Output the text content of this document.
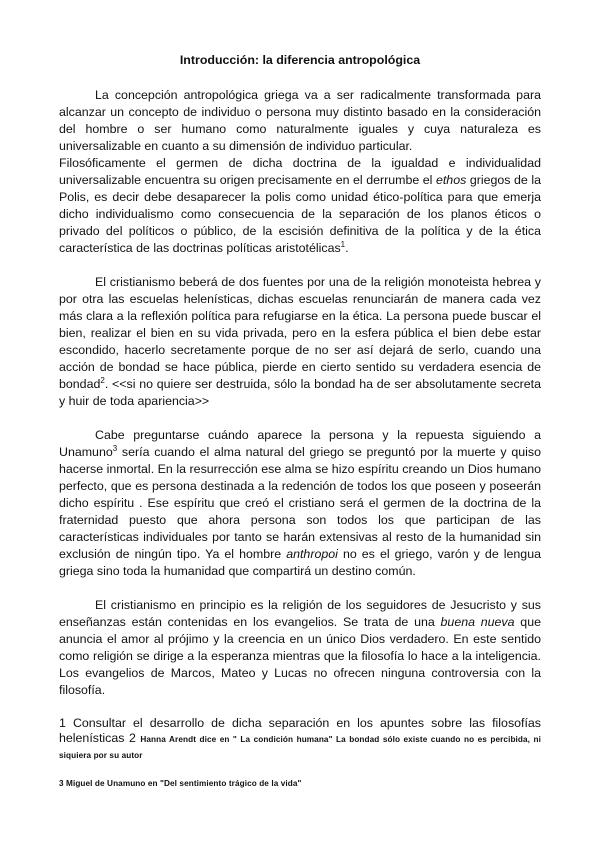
Introducción: la diferencia antropológica

La concepción antropológica griega va a ser radicalmente transformada para alcanzar un concepto de individuo o persona muy distinto basado en la consideración del hombre o ser humano como naturalmente iguales y cuya naturaleza es universalizable en cuanto a su dimensión de individuo particular.

Filosóficamente el germen de dicha doctrina de la igualdad e individualidad universalizable encuentra su origen precisamente en el derrumbe el ethos griegos de la Polis, es decir debe desaparecer la polis como unidad ético-política para que emerja dicho individualismo como consecuencia de la separación de los planos éticos o privado del políticos o público, de la escisión definitiva de la política y de la ética característica de las doctrinas políticas aristotélicas$^1$.

El cristianismo beberá de dos fuentes por una de la religión monoteista hebrea y por otra las escuelas helenísticas, dichas escuelas renunciarán de manera cada vez más clara a la reflexión política para refugiarse en la ética. La persona puede buscar el bien, realizar el bien en su vida privada, pero en la esfera pública el bien debe estar escondido, hacerlo secretamente porque de no ser así dejará de serlo, cuando una acción de bondad se hace pública, pierde en cierto sentido su verdadera esencia de bondad$^2$. <<si no quiere ser destruida, sólo la bondad ha de ser absolutamente secreta y huir de toda apariencia>>

Cabe preguntarse cuándo aparece la persona y la repuesta siguiendo a Unamuno$^3$ sería cuando el alma natural del griego se preguntó por la muerte y quiso hacerse inmortal. En la resurrección ese alma se hizo espíritu creando un Dios humano perfecto, que es persona destinada a la redención de todos los que poseen y poseerán dicho espíritu . Ese espíritu que creó el cristiano será el germen de la doctrina de la fraternidad puesto que ahora persona son todos los que participan de las características individuales por tanto se harán extensivas al resto de la humanidad sin exclusión de ningún tipo. Ya el hombre anthropoi no es el griego, varón y de lengua griega sino toda la humanidad que compartirá un destino común.

El cristianismo en principio es la religión de los seguidores de Jesucristo y sus enseñanzas están contenidas en los evangelios. Se trata de una buena nueva que anuncia el amor al prójimo y la creencia en un único Dios verdadero. En este sentido como religión se dirige a la esperanza mientras que la filosofía lo hace a la inteligencia. Los evangelios de Marcos, Mateo y Lucas no ofrecen ninguna controversia con la filosofía.

1 Consultar el desarrollo de dicha separación en los apuntes sobre las filosofías helenísticas 2 Hanna Arendt dice en " La condición humana" La bondad sólo existe cuando no es percibida, ni siquiera por su autor

3 Miguel de Unamuno en "Del sentimiento trágico de la vida"
